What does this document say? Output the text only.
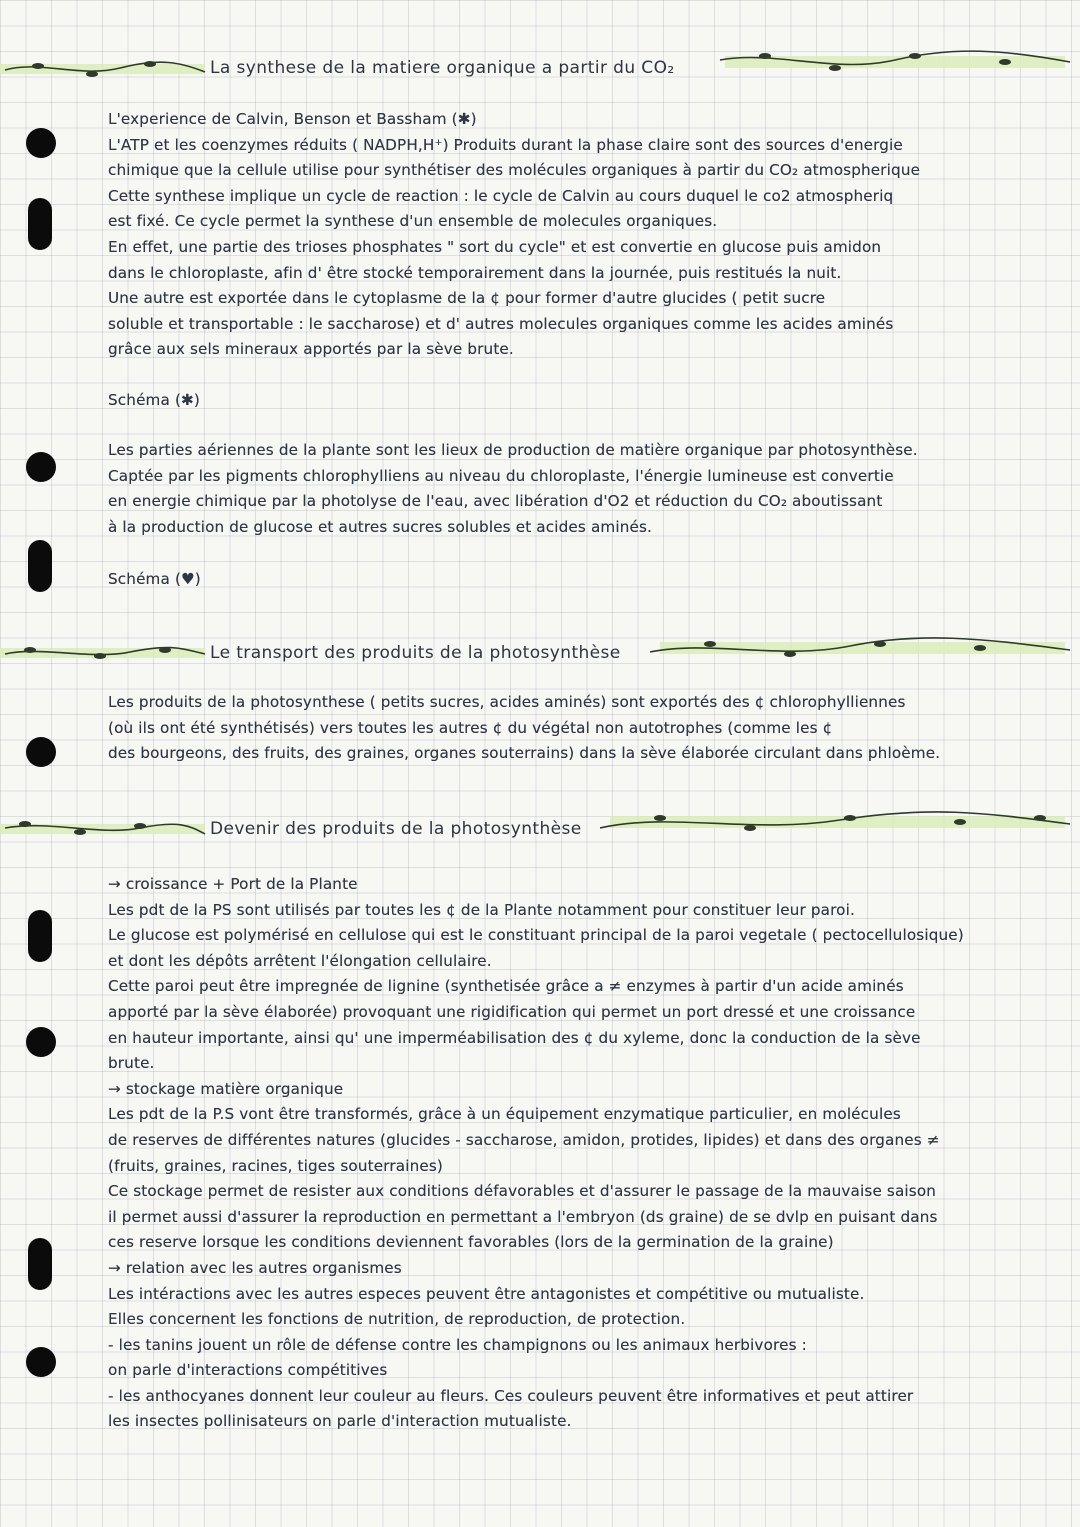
La synthese de la matiere organique a partir du CO₂
L'experience de Calvin, Benson et Bassham (✱)
L'ATP et les coenzymes réduits ( NADPH,H⁺) Produits durant la phase claire sont des sources d'energie
chimique que la cellule utilise pour synthétiser des molécules organiques à partir du CO₂ atmospherique
Cette synthese implique un cycle de reaction : le cycle de Calvin au cours duquel le co2 atmospheriq
est fixé. Ce cycle permet la synthese d'un ensemble de molecules organiques.
En effet, une partie des trioses phosphates " sort du cycle" et est convertie en glucose puis amidon
dans le chloroplaste, afin d' être stocké temporairement dans la journée, puis restitués la nuit.
Une autre est exportée dans le cytoplasme de la ¢ pour former d'autre glucides ( petit sucre
soluble et transportable : le saccharose) et d' autres molecules organiques comme les acides aminés
grâce aux sels mineraux apportés par la sève brute.
Schéma (✱)
Les parties aériennes de la plante sont les lieux de production de matière organique par photosynthèse.
Captée par les pigments chlorophylliens au niveau du chloroplaste, l'énergie lumineuse est convertie
en energie chimique par la photolyse de l'eau, avec libération d'O2 et réduction du CO₂ aboutissant
à la production de glucose et autres sucres solubles et acides aminés.
Schéma (♥)
Le transport des produits de la photosynthèse
Les produits de la photosynthese ( petits sucres, acides aminés) sont exportés des ¢ chlorophylliennes
(où ils ont été synthétisés) vers toutes les autres ¢ du végétal non autotrophes (comme les ¢
des bourgeons, des fruits, des graines, organes souterrains) dans la sève élaborée circulant dans phloème.
Devenir des produits de la photosynthèse
→ croissance + Port de la Plante
Les pdt de la PS sont utilisés par toutes les ¢ de la Plante notamment pour constituer leur paroi.
Le glucose est polymérisé en cellulose qui est le constituant principal de la paroi vegetale ( pectocellulosique)
et dont les dépôts arrêtent l'élongation cellulaire.
Cette paroi peut être impregnée de lignine (synthetisée grâce a ≠ enzymes à partir d'un acide aminés
apporté par la sève élaborée) provoquant une rigidification qui permet un port dressé et une croissance
en hauteur importante, ainsi qu' une imperméabilisation des ¢ du xyleme, donc la conduction de la sève
brute.
→ stockage matière organique
Les pdt de la P.S vont être transformés, grâce à un équipement enzymatique particulier, en molécules
de reserves de différentes natures (glucides - saccharose, amidon, protides, lipides) et dans des organes ≠
(fruits, graines, racines, tiges souterraines)
Ce stockage permet de resister aux conditions défavorables et d'assurer le passage de la mauvaise saison
il permet aussi d'assurer la reproduction en permettant a l'embryon (ds graine) de se dvlp en puisant dans
ces reserve lorsque les conditions deviennent favorables (lors de la germination de la graine)
→ relation avec les autres organismes
Les intéractions avec les autres especes peuvent être antagonistes et compétitive ou mutualiste.
Elles concernent les fonctions de nutrition, de reproduction, de protection.
- les tanins jouent un rôle de défense contre les champignons ou les animaux herbivores :
on parle d'interactions compétitives
- les anthocyanes donnent leur couleur au fleurs. Ces couleurs peuvent être informatives et peut attirer
les insectes pollinisateurs on parle d'interaction mutualiste.
